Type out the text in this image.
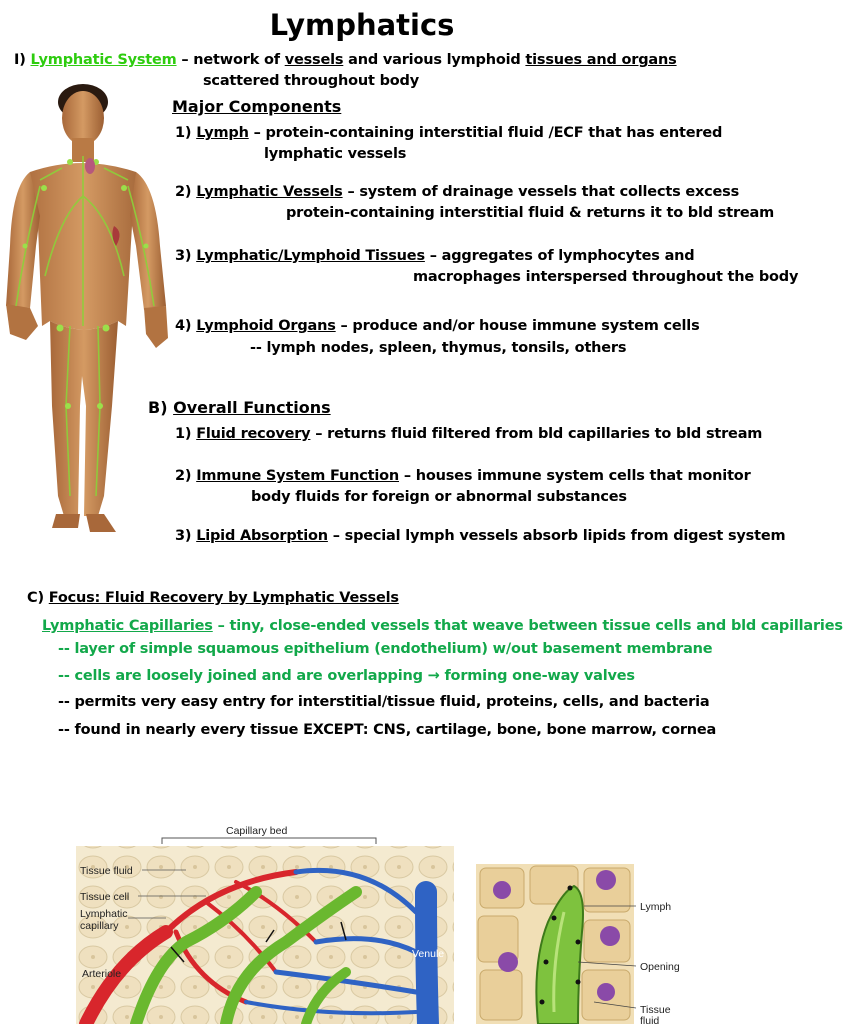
Lymphatics
I) Lymphatic System – network of vessels and various lymphoid tissues and organs
scattered throughout body
Major Components
1) Lymph – protein-containing interstitial fluid /ECF that has entered
lymphatic vessels
2) Lymphatic Vessels – system of drainage vessels that collects excess
protein-containing interstitial fluid & returns it to bld stream
3) Lymphatic/Lymphoid Tissues – aggregates of lymphocytes and
macrophages interspersed throughout the body
4) Lymphoid Organs – produce and/or house immune system cells
-- lymph nodes, spleen, thymus, tonsils, others
B) Overall Functions
1) Fluid recovery – returns fluid filtered from bld capillaries to bld stream
2) Immune System Function – houses immune system cells that monitor
body fluids for foreign or abnormal substances
3) Lipid Absorption – special lymph vessels absorb lipids from digest system
C) Focus: Fluid Recovery by Lymphatic Vessels
Lymphatic Capillaries – tiny, close-ended vessels that weave between tissue cells and bld capillaries
-- layer of simple squamous epithelium (endothelium) w/out basement membrane
-- cells are loosely joined and are overlapping → forming one-way valves
-- permits very easy entry for interstitial/tissue fluid, proteins, cells, and bacteria
-- found in nearly every tissue EXCEPT: CNS, cartilage, bone, bone marrow, cornea
Capillary bed
Tissue fluid
Tissue cell
Lymphatic
capillary
Arteriole
Venule
Lymph
Opening
Tissue
fluid
